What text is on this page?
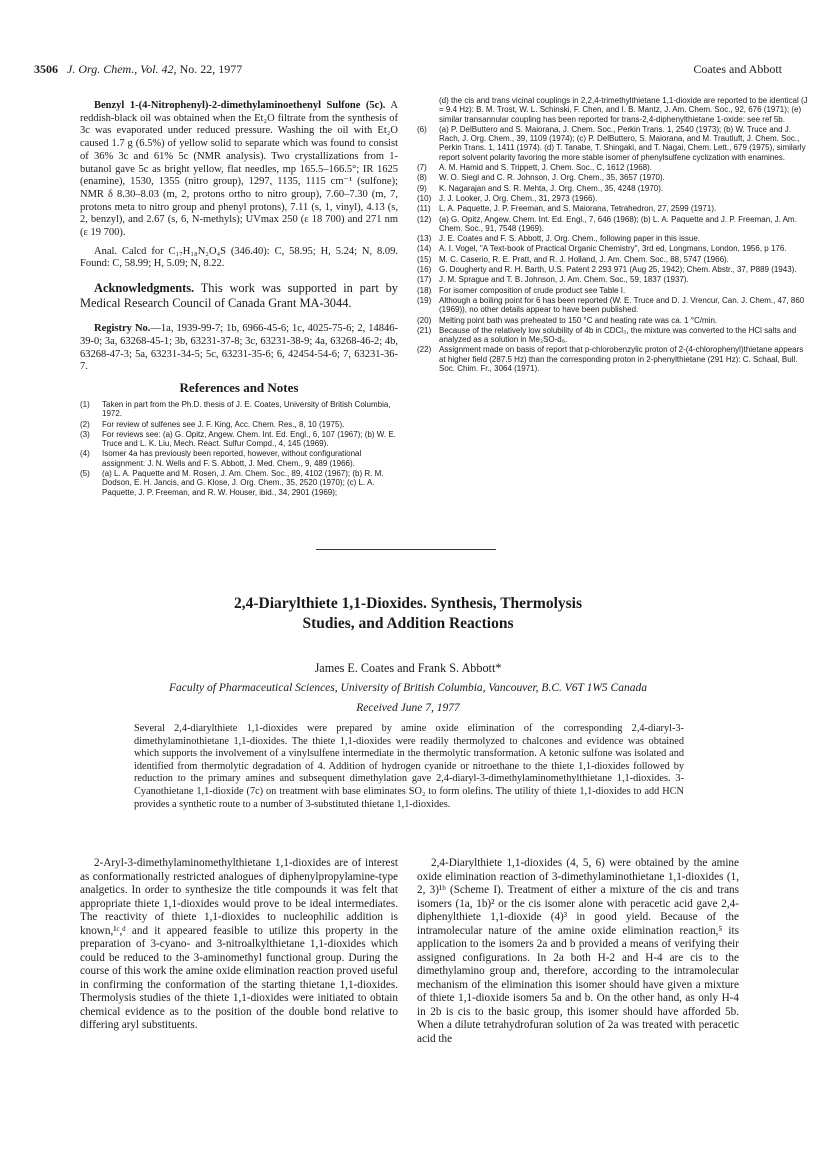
3506 J. Org. Chem., Vol. 42, No. 22, 1977	Coates and Abbott

Benzyl 1-(4-Nitrophenyl)-2-dimethylaminoethenyl Sulfone (5c). A reddish-black oil was obtained when the Et₂O filtrate from the synthesis of 3c was evaporated under reduced pressure. Washing the oil with Et₂O caused 1.7 g (6.5%) of yellow solid to separate which was found to consist of 36% 3c and 61% 5c (NMR analysis). Two crystallizations from 1-butanol gave 5c as bright yellow, flat needles, mp 165.5–166.5°; IR 1625 (enamine), 1530, 1355 (nitro group), 1297, 1135, 1115 cm⁻¹ (sulfone); NMR δ 8.30–8.03 (m, 2, protons ortho to nitro group), 7.60–7.30 (m, 7, protons meta to nitro group and phenyl protons), 7.11 (s, 1, vinyl), 4.13 (s, 2, benzyl), and 2.67 (s, 6, N-methyls); UVmax 250 (ε 18 700) and 271 nm (ε 19 700).

Anal. Calcd for C₁₇H₁₈N₂O₄S (346.40): C, 58.95; H, 5.24; N, 8.09. Found: C, 58.99; H, 5.09; N, 8.22.

Acknowledgments. This work was supported in part by Medical Research Council of Canada Grant MA-3044.

Registry No.—1a, 1939-99-7; 1b, 6966-45-6; 1c, 4025-75-6; 2, 14846-39-0; 3a, 63268-45-1; 3b, 63231-37-8; 3c, 63231-38-9; 4a, 63268-46-2; 4b, 63268-47-3; 5a, 63231-34-5; 5c, 63231-35-6; 6, 42454-54-6; 7, 63231-36-7.

References and Notes
(1)	Taken in part from the Ph.D. thesis of J. E. Coates, University of British Columbia, 1972.
(2)	For review of sulfenes see J. F. King, Acc. Chem. Res., 8, 10 (1975).
(3)	For reviews see: (a) G. Opitz, Angew. Chem. Int. Ed. Engl., 6, 107 (1967); (b) W. E. Truce and L. K. Liu, Mech. React. Sulfur Compd., 4, 145 (1969).
(4)	Isomer 4a has previously been reported, however, without configurational assignment: J. N. Wells and F. S. Abbott, J. Med. Chem., 9, 489 (1966).
(5)	(a) L. A. Paquette and M. Rosen, J. Am. Chem. Soc., 89, 4102 (1967); (b) R. M. Dodson, E. H. Jancis, and G. Klose, J. Org. Chem., 35, 2520 (1970); (c) L. A. Paquette, J. P. Freeman, and R. W. Houser, ibid., 34, 2901 (1969);
(d) the cis and trans vicinal couplings in 2,2,4-trimethylthietane 1,1-dioxide are reported to be identical (J = 9.4 Hz): B. M. Trost, W. L. Schinski, F. Chen, and I. B. Mantz, J. Am. Chem. Soc., 92, 676 (1971); (e) similar transannular coupling has been reported for trans-2,4-diphenylthietane 1-oxide: see ref 5b.
(6)	(a) P. DelButtero and S. Maiorana, J. Chem. Soc., Perkin Trans. 1, 2540 (1973); (b) W. Truce and J. Rach, J. Org. Chem., 39, 1109 (1974); (c) P. DelButtero, S. Maiorana, and M. Trautluft, J. Chem. Soc., Perkin Trans. 1, 1411 (1974). (d) T. Tanabe, T. Shingaki, and T. Nagai, Chem. Lett., 679 (1975), similarly report solvent polarity favoring the more stable isomer of phenylsulfene cyclization with enamines.
(7)	A. M. Hamid and S. Trippett, J. Chem. Soc., C, 1612 (1968).
(8)	W. O. Siegl and C. R. Johnson, J. Org. Chem., 35, 3657 (1970).
(9)	K. Nagarajan and S. R. Mehta, J. Org. Chem., 35, 4248 (1970).
(10) J. J. Looker, J. Org. Chem., 31, 2973 (1966).
(11)	L. A. Paquette, J. P. Freeman, and S. Maiorana, Tetrahedron, 27, 2599 (1971).
(12) (a) G. Opitz, Angew. Chem. Int. Ed. Engl., 7, 646 (1968); (b) L. A. Paquette and J. P. Freeman, J. Am. Chem. Soc., 91, 7548 (1969).
(13) J. E. Coates and F. S. Abbott, J. Org. Chem., following paper in this issue.
(14) A. I. Vogel, "A Text-book of Practical Organic Chemistry", 3rd ed, Longmans, London, 1956, p 176.
(15) M. C. Caserio, R. E. Pratt, and R. J. Holland, J. Am. Chem. Soc., 88, 5747 (1966).
(16) G. Dougherty and R. H. Barth, U.S. Patent 2 293 971 (Aug 25, 1942); Chem. Abstr., 37, P889 (1943).
(17) J. M. Sprague and T. B. Johnson, J. Am. Chem. Soc., 59, 1837 (1937).
(18) For isomer composition of crude product see Table I.
(19) Although a boiling point for 6 has been reported (W. E. Truce and D. J. Vrencur, Can. J. Chem., 47, 860 (1969)), no other details appear to have been published.
(20) Melting point bath was preheated to 150 °C and heating rate was ca. 1 °C/min.
(21) Because of the relatively low solubility of 4b in CDCl₃, the mixture was converted to the HCl salts and analyzed as a solution in Me₂SO-d₆.
(22) Assignment made on basis of report that p-chlorobenzylic proton of 2-(4-chlorophenyl)thietane appears at higher field (287.5 Hz) than the corresponding proton in 2-phenylthietane (291 Hz): C. Schaal, Bull. Soc. Chim. Fr., 3064 (1971).
2,4-Diarylthiete 1,1-Dioxides. Synthesis, Thermolysis
Studies, and Addition Reactions
James E. Coates and Frank S. Abbott*
Faculty of Pharmaceutical Sciences, University of British Columbia, Vancouver, B.C. V6T 1W5 Canada
Received June 7, 1977
Several 2,4-diarylthiete 1,1-dioxides were prepared by amine oxide elimination of the corresponding 2,4-diaryl-3-dimethylaminothietane 1,1-dioxides. The thiete 1,1-dioxides were readily thermolyzed to chalcones and evidence was obtained which supports the involvement of a vinylsulfene intermediate in the thermolytic transformation. A ketonic sulfone was isolated and identified from thermolytic degradation of 4. Addition of hydrogen cyanide or nitroethane to the thiete 1,1-dioxides followed by reduction to the primary amines and subsequent dimethylation gave 2,4-diaryl-3-dimethylaminomethylthietane 1,1-dioxides. 3-Cyanothietane 1,1-dioxide (7c) on treatment with base eliminates SO₂ to form olefins. The utility of thiete 1,1-dioxides to add HCN provides a synthetic route to a number of 3-substituted thietane 1,1-dioxides.
2-Aryl-3-dimethylaminomethylthietane 1,1-dioxides are of interest as conformationally restricted analogues of diphenylpropylamine-type analgetics. In order to synthesize the title compounds it was felt that appropriate thiete 1,1-dioxides would prove to be ideal intermediates. The reactivity of thiete 1,1-dioxides to nucleophilic addition is known,¹ᶜ,ᵈ and it appeared feasible to utilize this property in the preparation of 3-cyano- and 3-nitroalkylthietane 1,1-dioxides which could be reduced to the 3-aminomethyl functional group. During the course of this work the amine oxide elimination reaction proved useful in confirming the conformation of the starting thietane 1,1-dioxides. Thermolysis studies of the thiete 1,1-dioxides were initiated to obtain chemical evidence as to the position of the double bond relative to differing aryl substituents.
2,4-Diarylthiete 1,1-dioxides (4, 5, 6) were obtained by the amine oxide elimination reaction of 3-dimethylaminothietane 1,1-dioxides (1, 2, 3)¹ᵇ (Scheme I). Treatment of either a mixture of the cis and trans isomers (1a, 1b)² or the cis isomer alone with peracetic acid gave 2,4-diphenylthiete 1,1-dioxide (4)³ in good yield. Because of the intramolecular nature of the amine oxide elimination reaction,⁵ its application to the isomers 2a and b provided a means of verifying their assigned configurations. In 2a both H-2 and H-4 are cis to the dimethylamino group and, therefore, according to the intramolecular mechanism of the elimination this isomer should have given a mixture of thiete 1,1-dioxide isomers 5a and b. On the other hand, as only H-4 in 2b is cis to the basic group, this isomer should have afforded 5b. When a dilute tetrahydrofuran solution of 2a was treated with peracetic acid the
